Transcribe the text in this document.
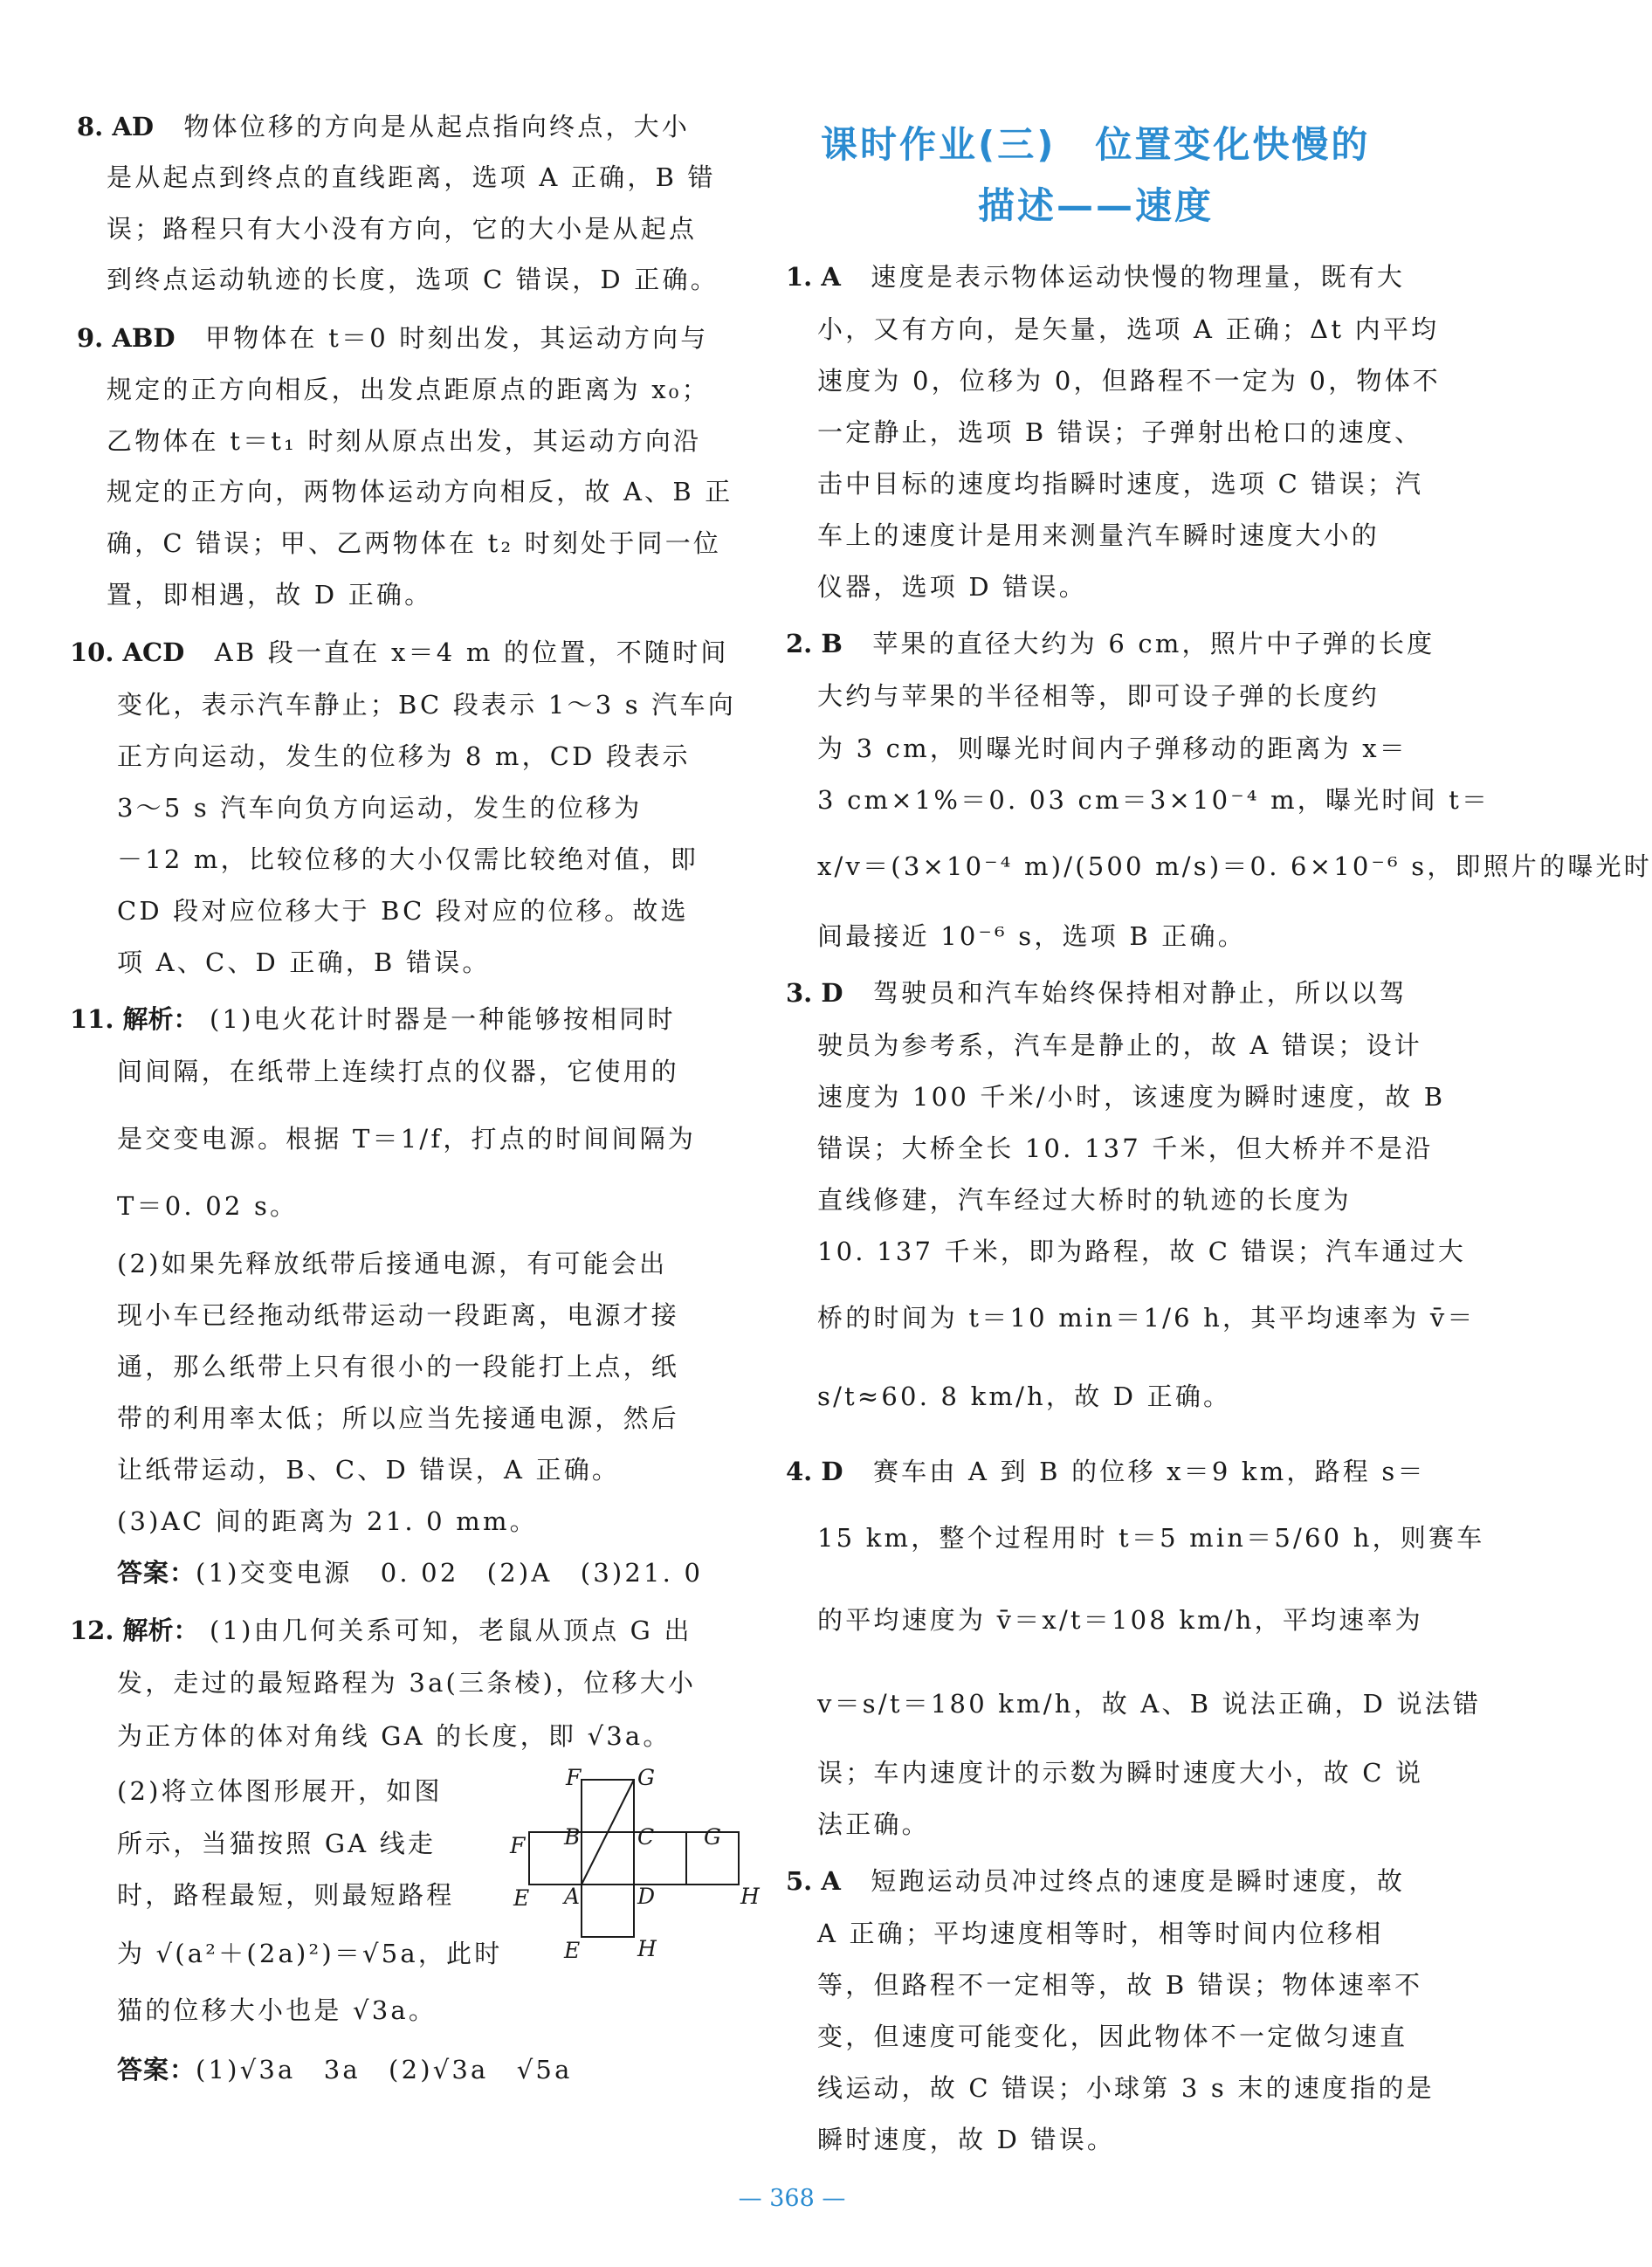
8. AD 物体位移的方向是从起点指向终点，大小
是从起点到终点的直线距离，选项 A 正确，B 错
误；路程只有大小没有方向，它的大小是从起点
到终点运动轨迹的长度，选项 C 错误，D 正确。
9. ABD 甲物体在 t＝0 时刻出发，其运动方向与
规定的正方向相反，出发点距原点的距离为 x₀；
乙物体在 t＝t₁ 时刻从原点出发，其运动方向沿
规定的正方向，两物体运动方向相反，故 A、B 正
确，C 错误；甲、乙两物体在 t₂ 时刻处于同一位
置，即相遇，故 D 正确。
10. ACD AB 段一直在 x＝4 m 的位置，不随时间
变化，表示汽车静止；BC 段表示 1～3 s 汽车向
正方向运动，发生的位移为 8 m，CD 段表示
3～5 s 汽车向负方向运动，发生的位移为
－12 m，比较位移的大小仅需比较绝对值，即
CD 段对应位移大于 BC 段对应的位移。故选
项 A、C、D 正确，B 错误。
11. 解析： (1)电火花计时器是一种能够按相同时
间间隔，在纸带上连续打点的仪器，它使用的
是交变电源。根据 T＝1/f，打点的时间间隔为
T＝0. 02 s。
(2)如果先释放纸带后接通电源，有可能会出
现小车已经拖动纸带运动一段距离，电源才接
通，那么纸带上只有很小的一段能打上点，纸
带的利用率太低；所以应当先接通电源，然后
让纸带运动，B、C、D 错误，A 正确。
(3)AC 间的距离为 21. 0 mm。
答案：(1)交变电源　0. 02　(2)A　(3)21. 0
12. 解析： (1)由几何关系可知，老鼠从顶点 G 出
发，走过的最短路程为 3a(三条棱)，位移大小
为正方体的体对角线 GA 的长度，即 √3a。
(2)将立体图形展开，如图
所示，当猫按照 GA 线走
时，路程最短，则最短路程
为 √(a²＋(2a)²)＝√5a，此时
猫的位移大小也是 √3a。
答案：(1)√3a　3a　(2)√3a　√5a
F	G
F B	C G
E A	D	H
E	H
课时作业(三)　位置变化快慢的
描述——速度
1. A 速度是表示物体运动快慢的物理量，既有大
小，又有方向，是矢量，选项 A 正确；Δt 内平均
速度为 0，位移为 0，但路程不一定为 0，物体不
一定静止，选项 B 错误；子弹射出枪口的速度、
击中目标的速度均指瞬时速度，选项 C 错误；汽
车上的速度计是用来测量汽车瞬时速度大小的
仪器，选项 D 错误。
2. B 苹果的直径大约为 6 cm，照片中子弹的长度
大约与苹果的半径相等，即可设子弹的长度约
为 3 cm，则曝光时间内子弹移动的距离为 x＝
3 cm×1%＝0. 03 cm＝3×10⁻⁴ m，曝光时间 t＝
x/v＝(3×10⁻⁴ m)/(500 m/s)＝0. 6×10⁻⁶ s，即照片的曝光时
间最接近 10⁻⁶ s，选项 B 正确。
3. D 驾驶员和汽车始终保持相对静止，所以以驾
驶员为参考系，汽车是静止的，故 A 错误；设计
速度为 100 千米/小时，该速度为瞬时速度，故 B
错误；大桥全长 10. 137 千米，但大桥并不是沿
直线修建，汽车经过大桥时的轨迹的长度为
10. 137 千米，即为路程，故 C 错误；汽车通过大
桥的时间为 t＝10 min＝1/6 h，其平均速率为 v̄＝
s/t≈60. 8 km/h，故 D 正确。
4. D 赛车由 A 到 B 的位移 x＝9 km，路程 s＝
15 km，整个过程用时 t＝5 min＝5/60 h，则赛车
的平均速度为 v̄＝x/t＝108 km/h，平均速率为
v＝s/t＝180 km/h，故 A、B 说法正确，D 说法错
误；车内速度计的示数为瞬时速度大小，故 C 说
法正确。
5. A 短跑运动员冲过终点的速度是瞬时速度，故
A 正确；平均速度相等时，相等时间内位移相
等，但路程不一定相等，故 B 错误；物体速率不
变，但速度可能变化，因此物体不一定做匀速直
线运动，故 C 错误；小球第 3 s 末的速度指的是
瞬时速度，故 D 错误。
— 368 —
